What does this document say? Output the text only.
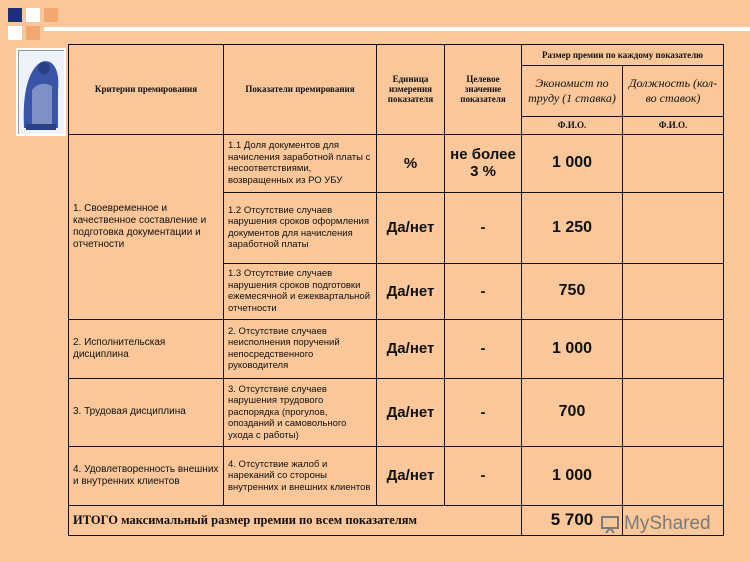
Критерии премирования	Показатели премирования	Единица измерения показателя	Целевое значение показателя	Размер премии по каждому показателю	
				Экономист по труду (1 ставка)	Должность (кол-во ставок)
				Ф.И.О.	Ф.И.О.
1. Своевременное и качественное составление и подготовка документации и отчетности	1.1 Доля документов для начисления заработной платы с несоответствиями, возвращенных из РО УБУ	%	не более 3 %	1 000	
	1.2 Отсутствие случаев нарушения сроков оформления документов для начисления заработной платы	Да/нет	-	1 250	
	1.3 Отсутствие случаев нарушения сроков подготовки ежемесячной и ежеквартальной отчетности	Да/нет	-	750	
2. Исполнительская дисциплина	2. Отсутствие случаев неисполнения поручений непосредственного руководителя	Да/нет	-	1 000	
3. Трудовая дисциплина	3. Отсутствие случаев нарушения трудового распорядка (прогулов, опозданий и самовольного ухода с работы)	Да/нет	-	700	
4. Удовлетворенность внешних и внутренних клиентов	4. Отсутствие жалоб и нареканий со стороны внутренних и внешних клиентов	Да/нет	-	1 000	
ИТОГО максимальный размер премии по всем показателям				5 700	MyShared
